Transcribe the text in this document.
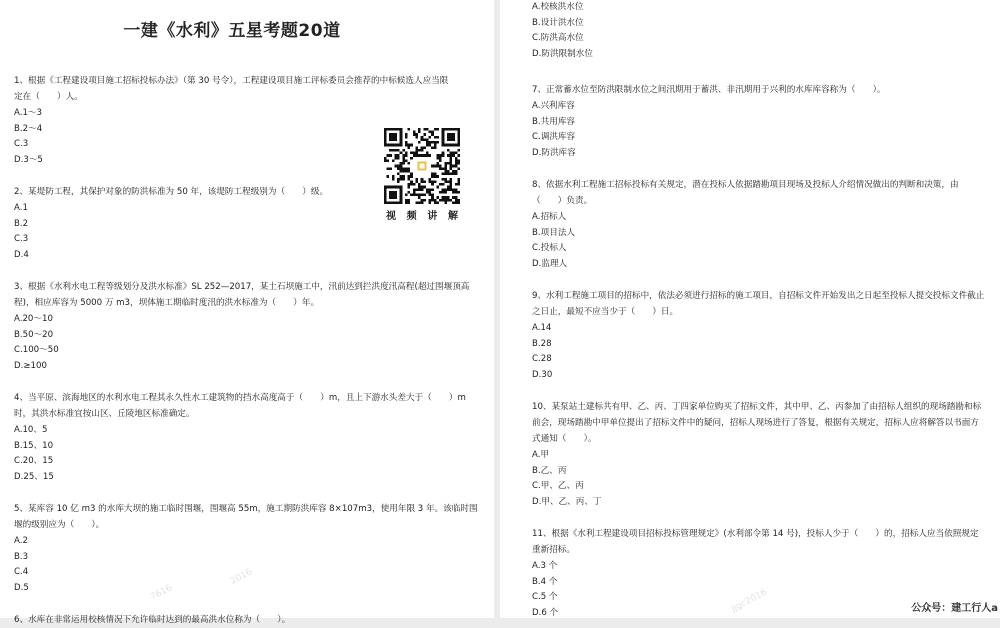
一建《水利》五星考题20道
1、根据《工程建设项目施工招标投标办法》（第 30 号令），工程建设项目施工评标委员会推荐的中标候选人应当限定在（　　）人。
A.1～3
B.2～4
C.3
D.3～5
2、某堤防工程，其保护对象的防洪标准为 50 年，该堤防工程级别为（　　）级。
A.1
B.2
C.3
D.4
3、根据《水利水电工程等级划分及洪水标准》SL 252—2017，某土石坝施工中，汛前达到拦洪度汛高程(超过围堰顶高程)，相应库容为 5000 万 m3，坝体施工期临时度汛的洪水标准为（　　）年。
A.20～10
B.50～20
C.100～50
D.≥100
4、当平原、滨海地区的水利水电工程其永久性水工建筑物的挡水高度高于（　　）m，且上下游水头差大于（　　）m 时，其洪水标准宜按山区、丘陵地区标准确定。
A.10、5
B.15、10
C.20、15
D.25、15
5、某库容 10 亿 m3 的水库大坝的施工临时围堰，围堰高 55m，施工期防洪库容 8×107m3，使用年限 3 年。该临时围堰的级别应为（　　）。
A.2
B.3
C.4
D.5
6、水库在非常运用校核情况下允许临时达到的最高洪水位称为（　　）。
视 频 讲 解
7616
2016
A.校核洪水位
B.设计洪水位
C.防洪高水位
D.防洪限制水位
7、正常蓄水位至防洪限制水位之间汛期用于蓄洪、非汛期用于兴利的水库库容称为（　　）。
A.兴利库容
B.共用库容
C.调洪库容
D.防洪库容
8、依据水利工程施工招标投标有关规定，潜在投标人依据踏勘项目现场及投标人介绍情况做出的判断和决策，由（　　）负责。
A.招标人
B.项目法人
C.投标人
D.监理人
9、水利工程施工项目的招标中，依法必须进行招标的施工项目，自招标文件开始发出之日起至投标人提交投标文件截止之日止，最短不应当少于（　　）日。
A.14
B.28
C.28
D.30
10、某泵站土建标共有甲、乙、丙、丁四家单位购买了招标文件，其中甲、乙、丙参加了由招标人组织的现场踏勘和标前会，现场踏勘中甲单位提出了招标文件中的疑问，招标人现场进行了答复，根据有关规定，招标人应将解答以书面方式通知（　　）。
A.甲
B.乙、丙
C.甲、乙、丙
D.甲、乙、丙、丁
11、根据《水利工程建设项目招标投标管理规定》(水利部令第 14 号)，投标人少于（　　）的，招标人应当依照规定重新招标。
A.3 个
B.4 个
C.5 个
D.6 个	jjgc2016	公众号：建工行人a
